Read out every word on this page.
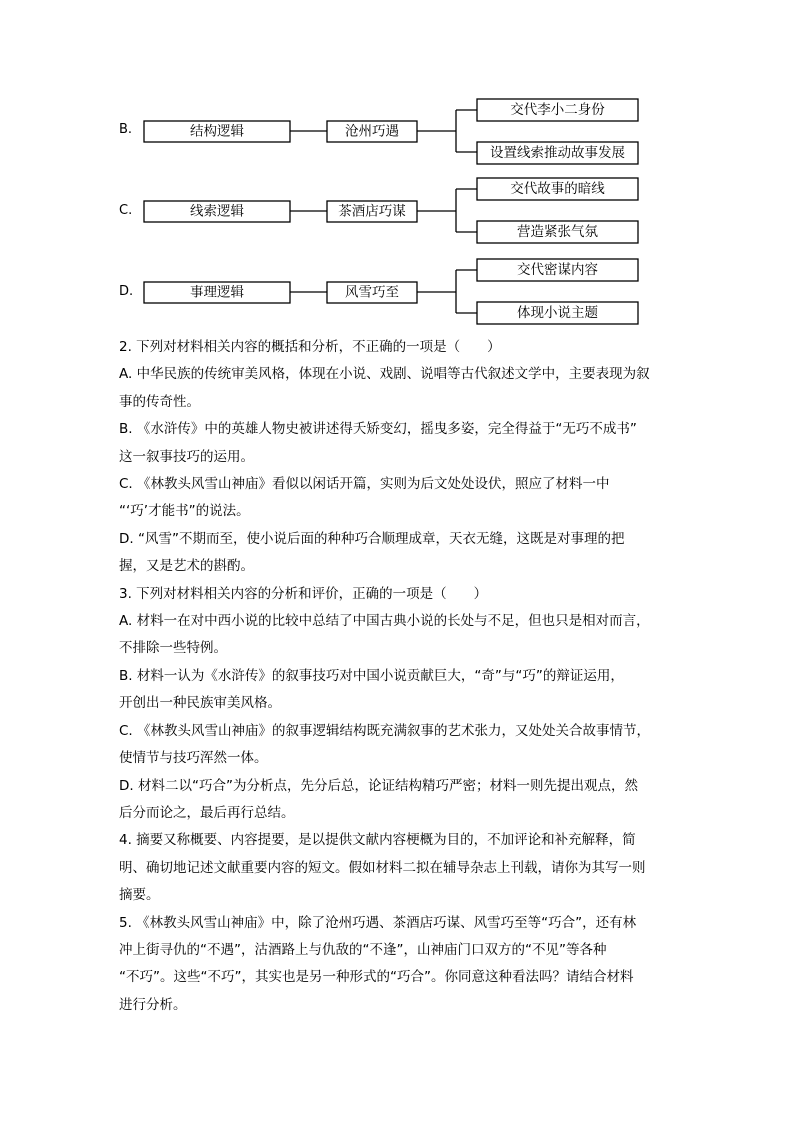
B.
C.
D.
结构逻辑	沧州巧遇
交代李小二身份
设置线索推动故事发展
线索逻辑	茶酒店巧谋
交代故事的暗线
营造紧张气氛
事理逻辑	风雪巧至
交代密谋内容
体现小说主题

2. 下列对材料相关内容的概括和分析，不正确的一项是（　　）

A. 中华民族的传统审美风格，体现在小说、戏剧、说唱等古代叙述文学中，主要表现为叙

事的传奇性。

B. 《水浒传》中的英雄人物史被讲述得夭矫变幻，摇曳多姿，完全得益于“无巧不成书”

这一叙事技巧的运用。

C. 《林教头风雪山神庙》看似以闲话开篇，实则为后文处处设伏，照应了材料一中

“‘巧’才能书”的说法。

D. “风雪”不期而至，使小说后面的种种巧合顺理成章，天衣无缝，这既是对事理的把

握，又是艺术的斟酌。

3. 下列对材料相关内容的分析和评价，正确的一项是（　　）

A. 材料一在对中西小说的比较中总结了中国古典小说的长处与不足，但也只是相对而言，

不排除一些特例。

B. 材料一认为《水浒传》的叙事技巧对中国小说贡献巨大，“奇”与“巧”的辩证运用，

开创出一种民族审美风格。

C. 《林教头风雪山神庙》的叙事逻辑结构既充满叙事的艺术张力，又处处关合故事情节，

使情节与技巧浑然一体。

D. 材料二以“巧合”为分析点，先分后总，论证结构精巧严密；材料一则先提出观点，然

后分而论之，最后再行总结。

4. 摘要又称概要、内容提要，是以提供文献内容梗概为目的，不加评论和补充解释，简

明、确切地记述文献重要内容的短文。假如材料二拟在辅导杂志上刊载，请你为其写一则

摘要。

5. 《林教头风雪山神庙》中，除了沧州巧遇、茶酒店巧谋、风雪巧至等“巧合”，还有林

冲上街寻仇的“不遇”，沽酒路上与仇敌的“不逢”，山神庙门口双方的“不见”等各种

“不巧”。这些“不巧”，其实也是另一种形式的“巧合”。你同意这种看法吗？请结合材料

进行分析。
